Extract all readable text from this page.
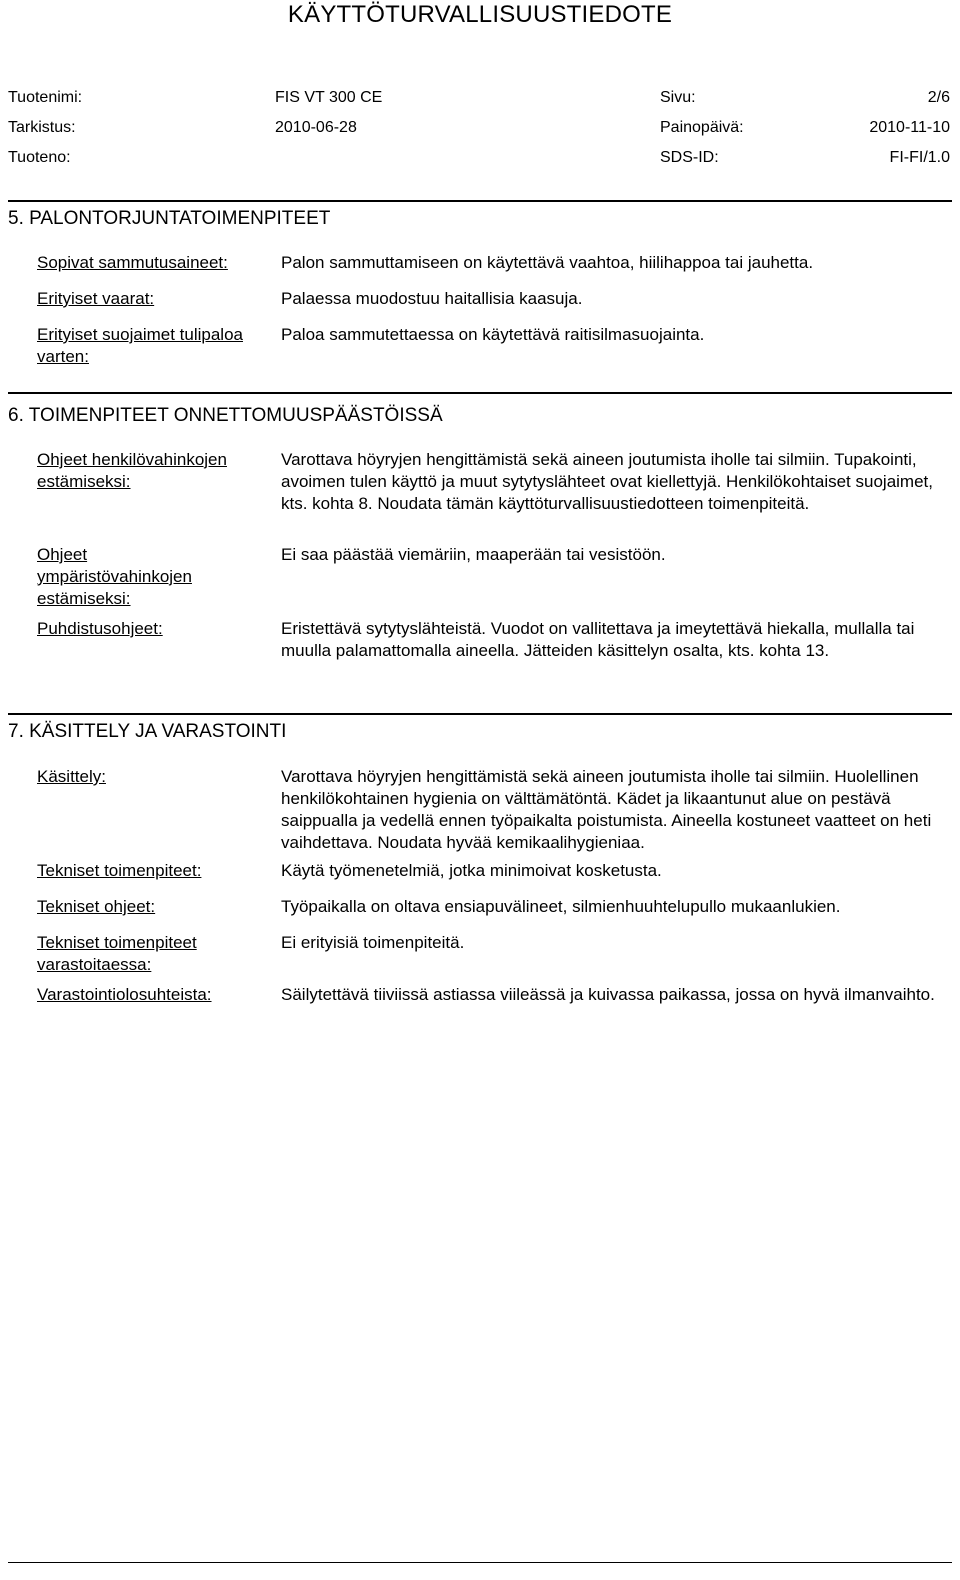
KÄYTTÖTURVALLISUUSTIEDOTE
Tuotenimi:	FIS VT 300 CE	Sivu:	2/6
Tarkistus:	2010-06-28	Painopäivä:	2010-11-10
Tuoteno:	SDS-ID:	FI-FI/1.0
5. PALONTORJUNTATOIMENPITEET
Sopivat sammutusaineet:	Palon sammuttamiseen on käytettävä vaahtoa, hiilihappoa tai jauhetta.
Erityiset vaarat:	Palaessa muodostuu haitallisia kaasuja.
Erityiset suojaimet tulipaloa varten:
Paloa sammutettaessa on käytettävä raitisilmasuojainta.
6. TOIMENPITEET ONNETTOMUUSPÄÄSTÖISSÄ
Ohjeet henkilövahinkojen estämiseksi:
Varottava höyryjen hengittämistä sekä aineen joutumista iholle tai silmiin. Tupakointi, avoimen tulen käyttö ja muut sytytyslähteet ovat kiellettyjä. Henkilökohtaiset suojaimet, kts. kohta 8. Noudata tämän käyttöturvallisuustiedotteen toimenpiteitä.
Ohjeet ympäristövahinkojen estämiseksi:
Ei saa päästää viemäriin, maaperään tai vesistöön.
Puhdistusohjeet:	Eristettävä sytytyslähteistä. Vuodot on vallitettava ja imeytettävä hiekalla, mullalla tai muulla palamattomalla aineella. Jätteiden käsittelyn osalta, kts. kohta 13.
7. KÄSITTELY JA VARASTOINTI
Käsittely:	Varottava höyryjen hengittämistä sekä aineen joutumista iholle tai silmiin. Huolellinen henkilökohtainen hygienia on välttämätöntä. Kädet ja likaantunut alue on pestävä saippualla ja vedellä ennen työpaikalta poistumista. Aineella kostuneet vaatteet on heti vaihdettava. Noudata hyvää kemikaalihygieniaa.
Tekniset toimenpiteet:	Käytä työmenetelmiä, jotka minimoivat kosketusta.
Tekniset ohjeet:	Työpaikalla on oltava ensiapuvälineet, silmienhuuhtelupullo mukaanlukien.
Tekniset toimenpiteet varastoitaessa:
Ei erityisiä toimenpiteitä.
Varastointiolosuhteista:	Säilytettävä tiiviissä astiassa viileässä ja kuivassa paikassa, jossa on hyvä ilmanvaihto.
